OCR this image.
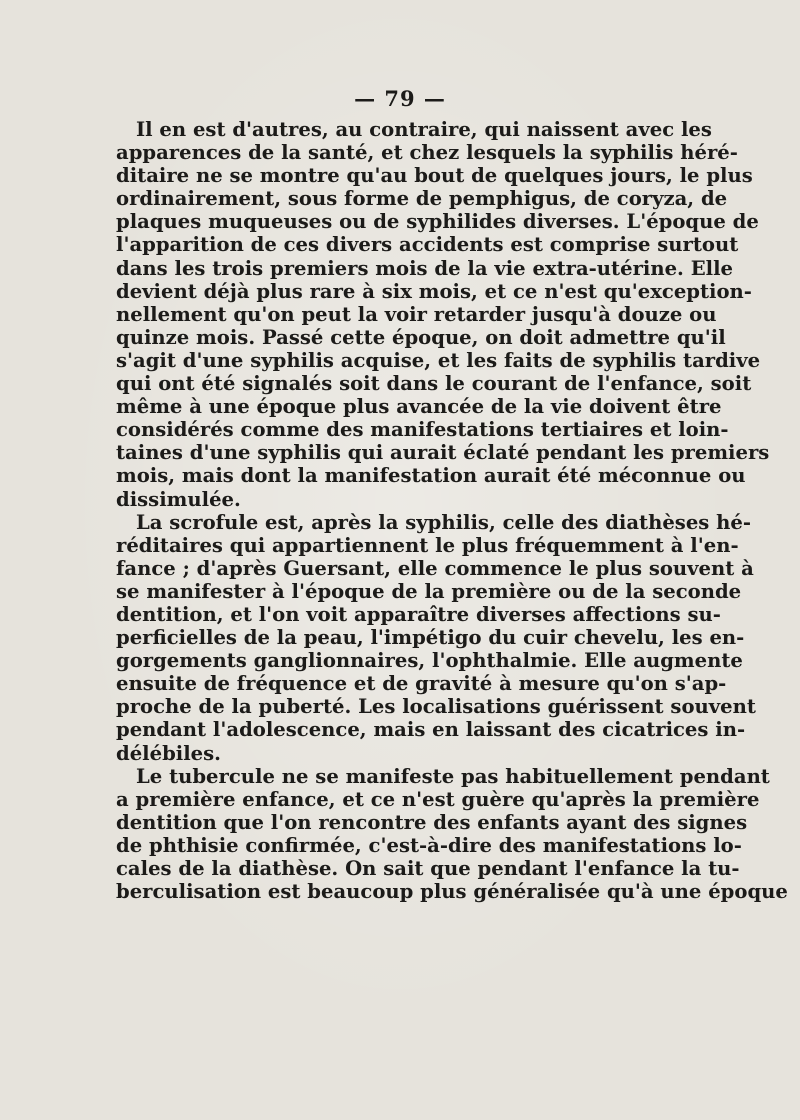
— 79 —
Il en est d'autres, au contraire, qui naissent avec les
apparences de la santé, et chez lesquels la syphilis héré-
ditaire ne se montre qu'au bout de quelques jours, le plus
ordinairement, sous forme de pemphigus, de coryza, de
plaques muqueuses ou de syphilides diverses. L'époque de
l'apparition de ces divers accidents est comprise surtout
dans les trois premiers mois de la vie extra-utérine. Elle
devient déjà plus rare à six mois, et ce n'est qu'exception-
nellement qu'on peut la voir retarder jusqu'à douze ou
quinze mois. Passé cette époque, on doit admettre qu'il
s'agit d'une syphilis acquise, et les faits de syphilis tardive
qui ont été signalés soit dans le courant de l'enfance, soit
même à une époque plus avancée de la vie doivent être
considérés comme des manifestations tertiaires et loin-
taines d'une syphilis qui aurait éclaté pendant les premiers
mois, mais dont la manifestation aurait été méconnue ou
dissimulée.
La scrofule est, après la syphilis, celle des diathèses hé-
réditaires qui appartiennent le plus fréquemment à l'en-
fance ; d'après Guersant, elle commence le plus souvent à
se manifester à l'époque de la première ou de la seconde
dentition, et l'on voit apparaître diverses affections su-
perficielles de la peau, l'impétigo du cuir chevelu, les en-
gorgements ganglionnaires, l'ophthalmie. Elle augmente
ensuite de fréquence et de gravité à mesure qu'on s'ap-
proche de la puberté. Les localisations guérissent souvent
pendant l'adolescence, mais en laissant des cicatrices in-
délébiles.
Le tubercule ne se manifeste pas habituellement pendant
a première enfance, et ce n'est guère qu'après la première
dentition que l'on rencontre des enfants ayant des signes
de phthisie confirmée, c'est-à-dire des manifestations lo-
cales de la diathèse. On sait que pendant l'enfance la tu-
berculisation est beaucoup plus généralisée qu'à une époque
